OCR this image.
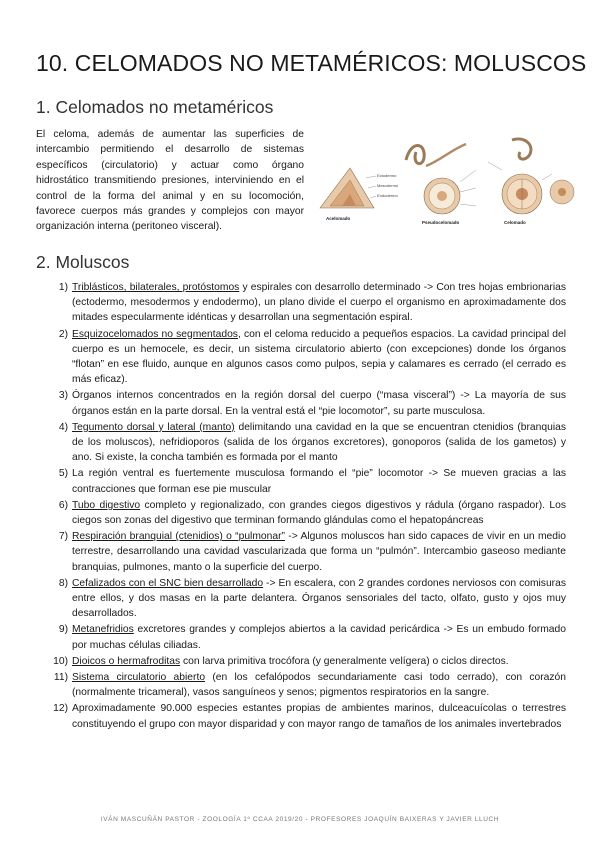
10. CELOMADOS NO METAMÉRICOS: MOLUSCOS
1. Celomados no metaméricos
El celoma, además de aumentar las superficies de intercambio permitiendo el desarrollo de sistemas específicos (circulatorio) y actuar como órgano hidrostático transmitiendo presiones, interviniendo en el control de la forma del animal y en su locomoción, favorece cuerpos más grandes y complejos con mayor organización interna (peritoneo visceral).
Ectodermo
Mesodermo
Endodermo
Acelomado
Pseudocelomado	Celomado
2. Moluscos
1) Triblásticos, bilaterales, protóstomos y espirales con desarrollo determinado -> Con tres hojas embrionarias (ectodermo, mesodermos y endodermo), un plano divide el cuerpo el organismo en aproximadamente dos mitades especularmente idénticas y desarrollan una segmentación espiral.
2) Esquizocelomados no segmentados, con el celoma reducido a pequeños espacios. La cavidad principal del cuerpo es un hemocele, es decir, un sistema circulatorio abierto (con excepciones) donde los órganos “flotan” en ese fluido, aunque en algunos casos como pulpos, sepia y calamares es cerrado (el cerrado es más eficaz).
3) Órganos internos concentrados en la región dorsal del cuerpo (“masa visceral”) -> La mayoría de sus órganos están en la parte dorsal. En la ventral está el “pie locomotor”, su parte musculosa.
4) Tegumento dorsal y lateral (manto) delimitando una cavidad en la que se encuentran ctenidios (branquias de los moluscos), nefridioporos (salida de los órganos excretores), gonoporos (salida de los gametos) y ano. Si existe, la concha también es formada por el manto
5) La región ventral es fuertemente musculosa formando el “pie” locomotor -> Se mueven gracias a las contracciones que forman ese pie muscular
6) Tubo digestivo completo y regionalizado, con grandes ciegos digestivos y rádula (órgano raspador). Los ciegos son zonas del digestivo que terminan formando glándulas como el hepatopáncreas
7) Respiración branquial (ctenidios) o “pulmonar” -> Algunos moluscos han sido capaces de vivir en un medio terrestre, desarrollando una cavidad vascularizada que forma un “pulmón”. Intercambio gaseoso mediante branquias, pulmones, manto o la superficie del cuerpo.
8) Cefalizados con el SNC bien desarrollado -> En escalera, con 2 grandes cordones nerviosos con comisuras entre ellos, y dos masas en la parte delantera. Órganos sensoriales del tacto, olfato, gusto y ojos muy desarrollados.
9) Metanefridios excretores grandes y complejos abiertos a la cavidad pericárdica -> Es un embudo formado por muchas células ciliadas.
10) Dioicos o hermafroditas con larva primitiva trocófora (y generalmente velígera) o ciclos directos.
11) Sistema circulatorio abierto (en los cefalópodos secundariamente casi todo cerrado), con corazón (normalmente tricameral), vasos sanguíneos y senos; pigmentos respiratorios en la sangre.
12) Aproximadamente 90.000 especies estantes propias de ambientes marinos, dulceacuícolas o terrestres constituyendo el grupo con mayor disparidad y con mayor rango de tamaños de los animales invertebrados
IVÁN MASCUÑÁN PASTOR - ZOOLOGÍA 1º CCAA 2019/20 - PROFESORES JOAQUÍN BAIXERAS Y JAVIER LLUCH
